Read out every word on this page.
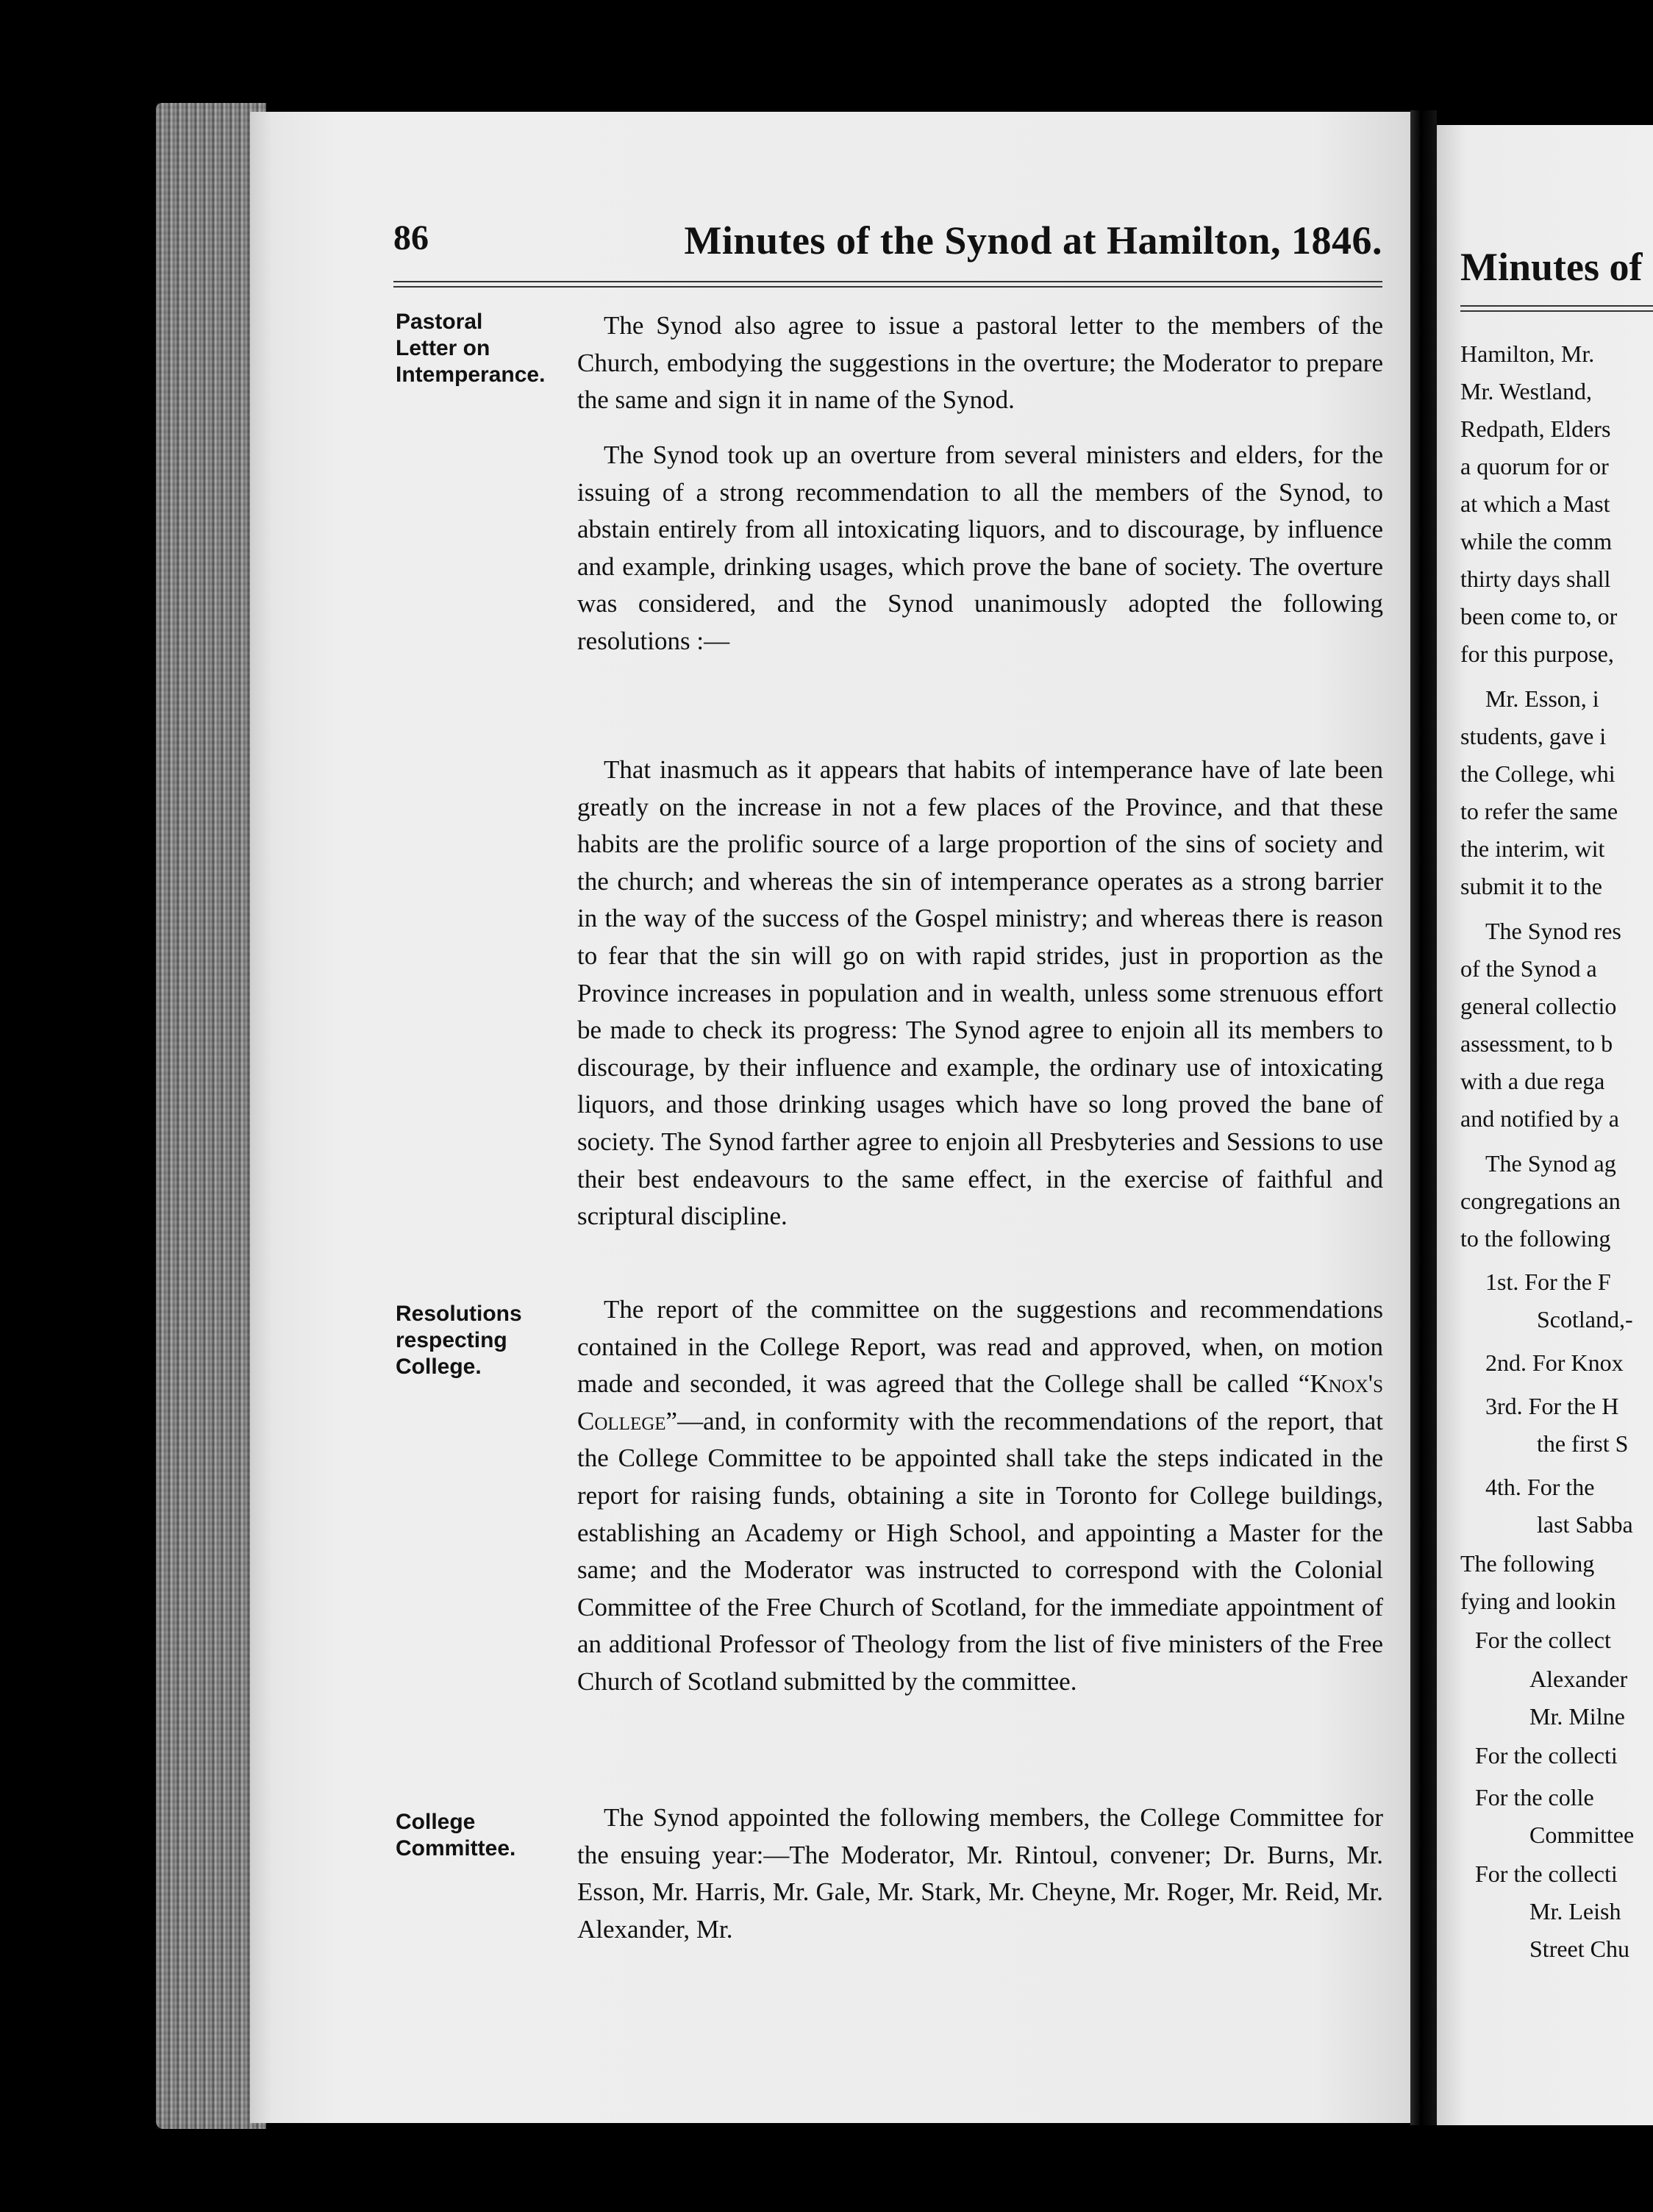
86	Minutes of the Synod at Hamilton, 1846.
Pastoral
Letter on
Intemperance.
Resolutions
respecting
College.
College
Committee.

The Synod also agree to issue a pastoral letter to the members of the Church, embodying the suggestions in the overture; the Moderator to prepare the same and sign it in name of the Synod.

The Synod took up an overture from several ministers and elders, for the issuing of a strong recommendation to all the members of the Synod, to abstain entirely from all intoxicating liquors, and to discourage, by influence and example, drinking usages, which prove the bane of society. The overture was considered, and the Synod unanimously adopted the following resolutions :—

That inasmuch as it appears that habits of intemperance have of late been greatly on the increase in not a few places of the Province, and that these habits are the prolific source of a large proportion of the sins of society and the church; and whereas the sin of intemperance operates as a strong barrier in the way of the success of the Gospel ministry; and whereas there is reason to fear that the sin will go on with rapid strides, just in proportion as the Province increases in population and in wealth, unless some strenuous effort be made to check its progress: The Synod agree to enjoin all its members to discourage, by their influence and example, the ordinary use of intoxicating liquors, and those drinking usages which have so long proved the bane of society. The Synod farther agree to enjoin all Presbyteries and Sessions to use their best endeavours to the same effect, in the exercise of faithful and scriptural discipline.

The report of the committee on the suggestions and recommendations contained in the College Report, was read and approved, when, on motion made and seconded, it was agreed that the College shall be called “Knox's College”—and, in conformity with the recommendations of the report, that the College Committee to be appointed shall take the steps indicated in the report for raising funds, obtaining a site in Toronto for College buildings, establishing an Academy or High School, and appointing a Master for the same; and the Moderator was instructed to correspond with the Colonial Committee of the Free Church of Scotland, for the immediate appointment of an additional Professor of Theology from the list of five ministers of the Free Church of Scotland submitted by the committee.

The Synod appointed the following members, the College Committee for the ensuing year:—The Moderator, Mr. Rintoul, convener; Dr. Burns, Mr. Esson, Mr. Harris, Mr. Gale, Mr. Stark, Mr. Cheyne, Mr. Roger, Mr. Reid, Mr. Alexander, Mr.

Minutes of
Hamilton, Mr.
Mr. Westland,
Redpath, Elders
a quorum for or
at which a Mast
while the comm
thirty days shall
been come to, or
for this purpose,
Mr. Esson, i
students, gave i
the College, whi
to refer the same
the interim, wit
submit it to the
The Synod res
of the Synod a
general collectio
assessment, to b
with a due rega
and notified by a
The Synod ag
congregations an
to the following
1st. For the F
Scotland,-
2nd. For Knox
3rd. For the H
the first S
4th. For the
last Sabba
The following
fying and lookin
For the collect
Alexander
Mr. Milne
For the collecti
For the colle
Committee
For the collecti
Mr. Leish
Street Chu
